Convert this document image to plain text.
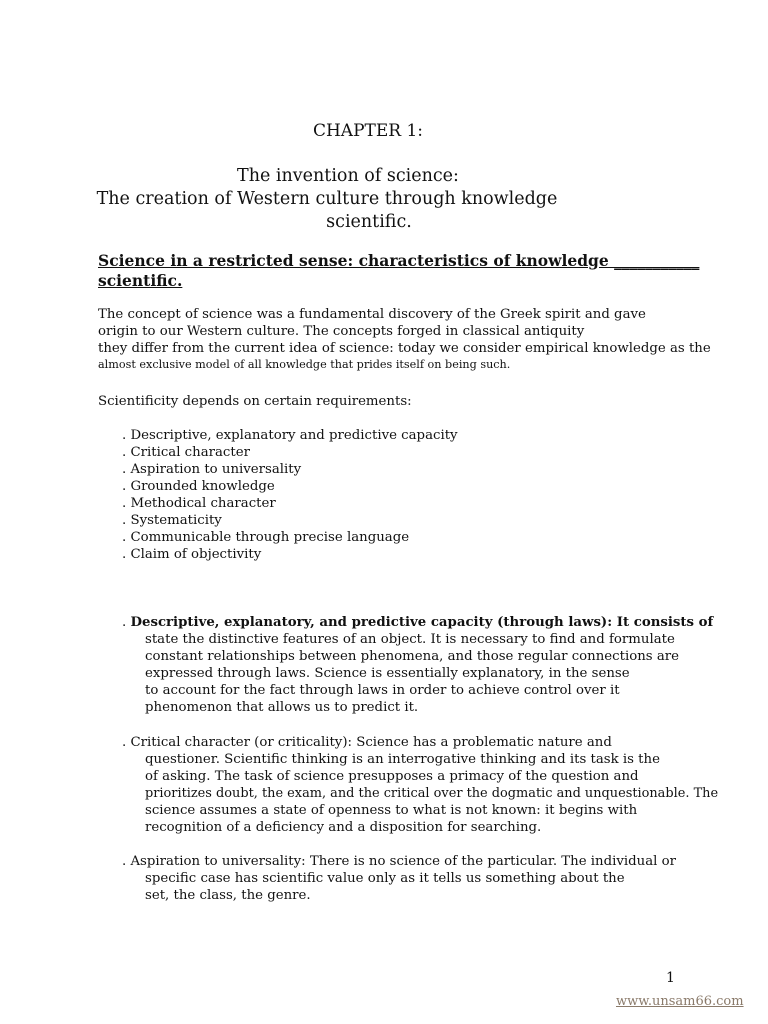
CHAPTER 1:
The invention of science:
The creation of Western culture through knowledge
scientific.
Science in a restricted sense: characteristics of knowledge ___________
scientific.
The concept of science was a fundamental discovery of the Greek spirit and gave
origin to our Western culture. The concepts forged in classical antiquity
they differ from the current idea of science: today we consider empirical knowledge as the
almost exclusive model of all knowledge that prides itself on being such.
Scientificity depends on certain requirements:
. Descriptive, explanatory and predictive capacity
. Critical character
. Aspiration to universality
. Grounded knowledge
. Methodical character
. Systematicity
. Communicable through precise language
. Claim of objectivity
. Descriptive, explanatory, and predictive capacity (through laws): It consists of
state the distinctive features of an object. It is necessary to find and formulate
constant relationships between phenomena, and those regular connections are
expressed through laws. Science is essentially explanatory, in the sense
to account for the fact through laws in order to achieve control over it
phenomenon that allows us to predict it.
. Critical character (or criticality): Science has a problematic nature and
questioner. Scientific thinking is an interrogative thinking and its task is the
of asking. The task of science presupposes a primacy of the question and
prioritizes doubt, the exam, and the critical over the dogmatic and unquestionable. The
science assumes a state of openness to what is not known: it begins with
recognition of a deficiency and a disposition for searching.
. Aspiration to universality: There is no science of the particular. The individual or
specific case has scientific value only as it tells us something about the
set, the class, the genre.
1
www.unsam66.com
